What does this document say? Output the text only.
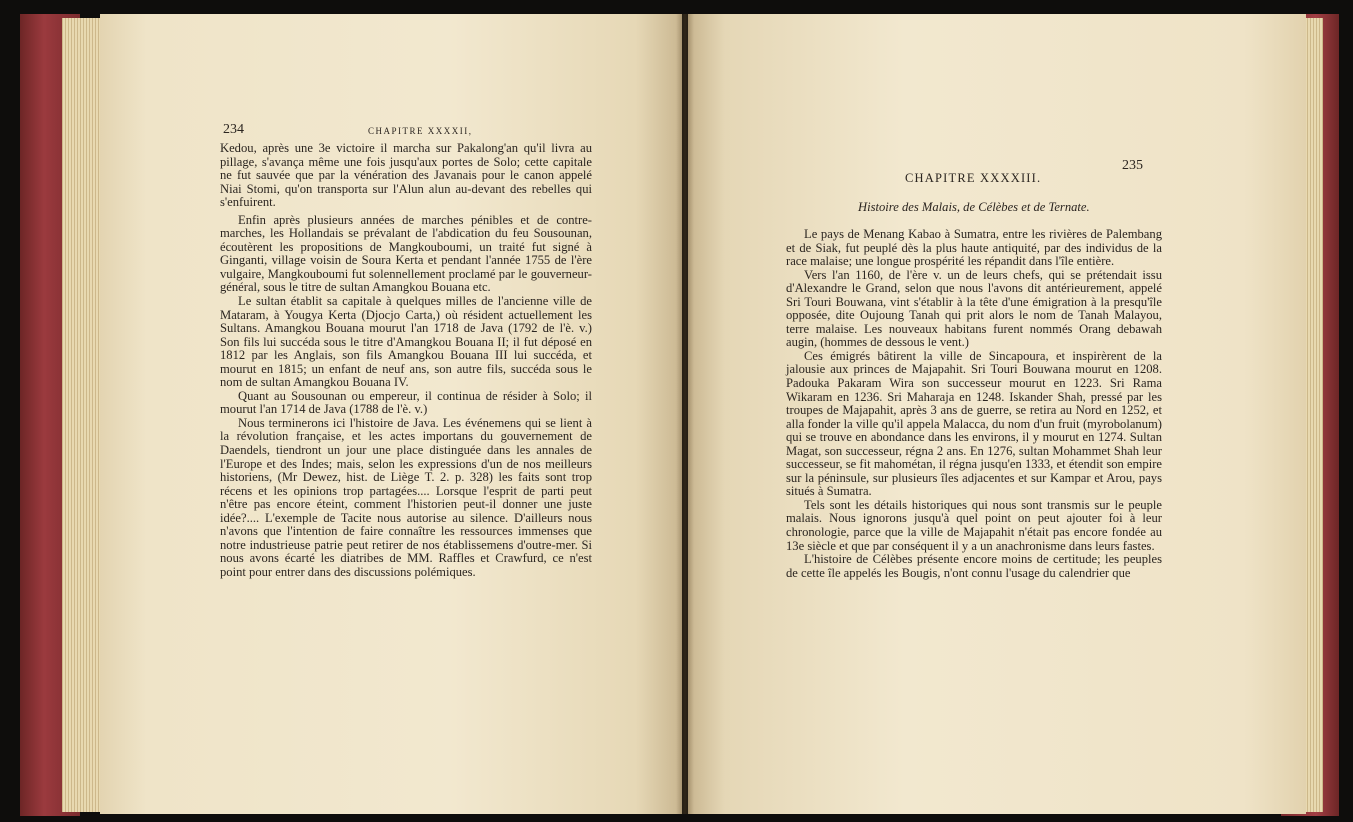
234	CHAPITRE XXXXII,

Kedou, après une 3e victoire il marcha sur Pakalong'an qu'il livra au pillage, s'avança même une fois jusqu'aux portes de Solo; cette capitale ne fut sauvée que par la vénération des Javanais pour le canon appelé Niai Stomi, qu'on transporta sur l'Alun alun au-devant des rebelles qui s'enfuirent.

Enfin après plusieurs années de marches pénibles et de contre-marches, les Hollandais se prévalant de l'abdication du feu Sousounan, écoutèrent les propositions de Mangkouboumi, un traité fut signé à Ginganti, village voisin de Soura Kerta et pendant l'année 1755 de l'ère vulgaire, Mangkouboumi fut solennellement proclamé par le gouverneur-général, sous le titre de sultan Amangkou Bouana etc.

Le sultan établit sa capitale à quelques milles de l'ancienne ville de Mataram, à Yougya Kerta (Djocjo Carta,) où résident actuellement les Sultans. Amangkou Bouana mourut l'an 1718 de Java (1792 de l'è. v.) Son fils lui succéda sous le titre d'Amangkou Bouana II; il fut déposé en 1812 par les Anglais, son fils Amangkou Bouana III lui succéda, et mourut en 1815; un enfant de neuf ans, son autre fils, succéda sous le nom de sultan Amangkou Bouana IV.

Quant au Sousounan ou empereur, il continua de résider à Solo; il mourut l'an 1714 de Java (1788 de l'è. v.)

Nous terminerons ici l'histoire de Java. Les événemens qui se lient à la révolution française, et les actes importans du gouvernement de Daendels, tiendront un jour une place distinguée dans les annales de l'Europe et des Indes; mais, selon les expressions d'un de nos meilleurs historiens, (Mr Dewez, hist. de Liège T. 2. p. 328) les faits sont trop récens et les opinions trop partagées.... Lorsque l'esprit de parti peut n'être pas encore éteint, comment l'historien peut-il donner une juste idée?.... L'exemple de Tacite nous autorise au silence. D'ailleurs nous n'avons que l'intention de faire connaître les ressources immenses que notre industrieuse patrie peut retirer de nos établissemens d'outre-mer. Si nous avons écarté les diatribes de MM. Raffles et Crawfurd, ce n'est point pour entrer dans des discussions polémiques.

235
CHAPITRE XXXXIII.
Histoire des Malais, de Célèbes et de Ternate.

Le pays de Menang Kabao à Sumatra, entre les rivières de Palembang et de Siak, fut peuplé dès la plus haute antiquité, par des individus de la race malaise; une longue prospérité les répandit dans l'île entière.

Vers l'an 1160, de l'ère v. un de leurs chefs, qui se prétendait issu d'Alexandre le Grand, selon que nous l'avons dit antérieurement, appelé Sri Touri Bouwana, vint s'établir à la tête d'une émigration à la presqu'île opposée, dite Oujoung Tanah qui prit alors le nom de Tanah Malayou, terre malaise. Les nouveaux habitans furent nommés Orang debawah augin, (hommes de dessous le vent.)

Ces émigrés bâtirent la ville de Sincapoura, et inspirèrent de la jalousie aux princes de Majapahit. Sri Touri Bouwana mourut en 1208. Padouka Pakaram Wira son successeur mourut en 1223. Sri Rama Wikaram en 1236. Sri Maharaja en 1248. Iskander Shah, pressé par les troupes de Majapahit, après 3 ans de guerre, se retira au Nord en 1252, et alla fonder la ville qu'il appela Malacca, du nom d'un fruit (myrobolanum) qui se trouve en abondance dans les environs, il y mourut en 1274. Sultan Magat, son successeur, régna 2 ans. En 1276, sultan Mohammet Shah leur successeur, se fit mahométan, il régna jusqu'en 1333, et étendit son empire sur la péninsule, sur plusieurs îles adjacentes et sur Kampar et Arou, pays situés à Sumatra.

Tels sont les détails historiques qui nous sont transmis sur le peuple malais. Nous ignorons jusqu'à quel point on peut ajouter foi à leur chronologie, parce que la ville de Majapahit n'était pas encore fondée au 13e siècle et que par conséquent il y a un anachronisme dans leurs fastes.

L'histoire de Célèbes présente encore moins de certitude; les peuples de cette île appelés les Bougis, n'ont connu l'usage du calendrier que
